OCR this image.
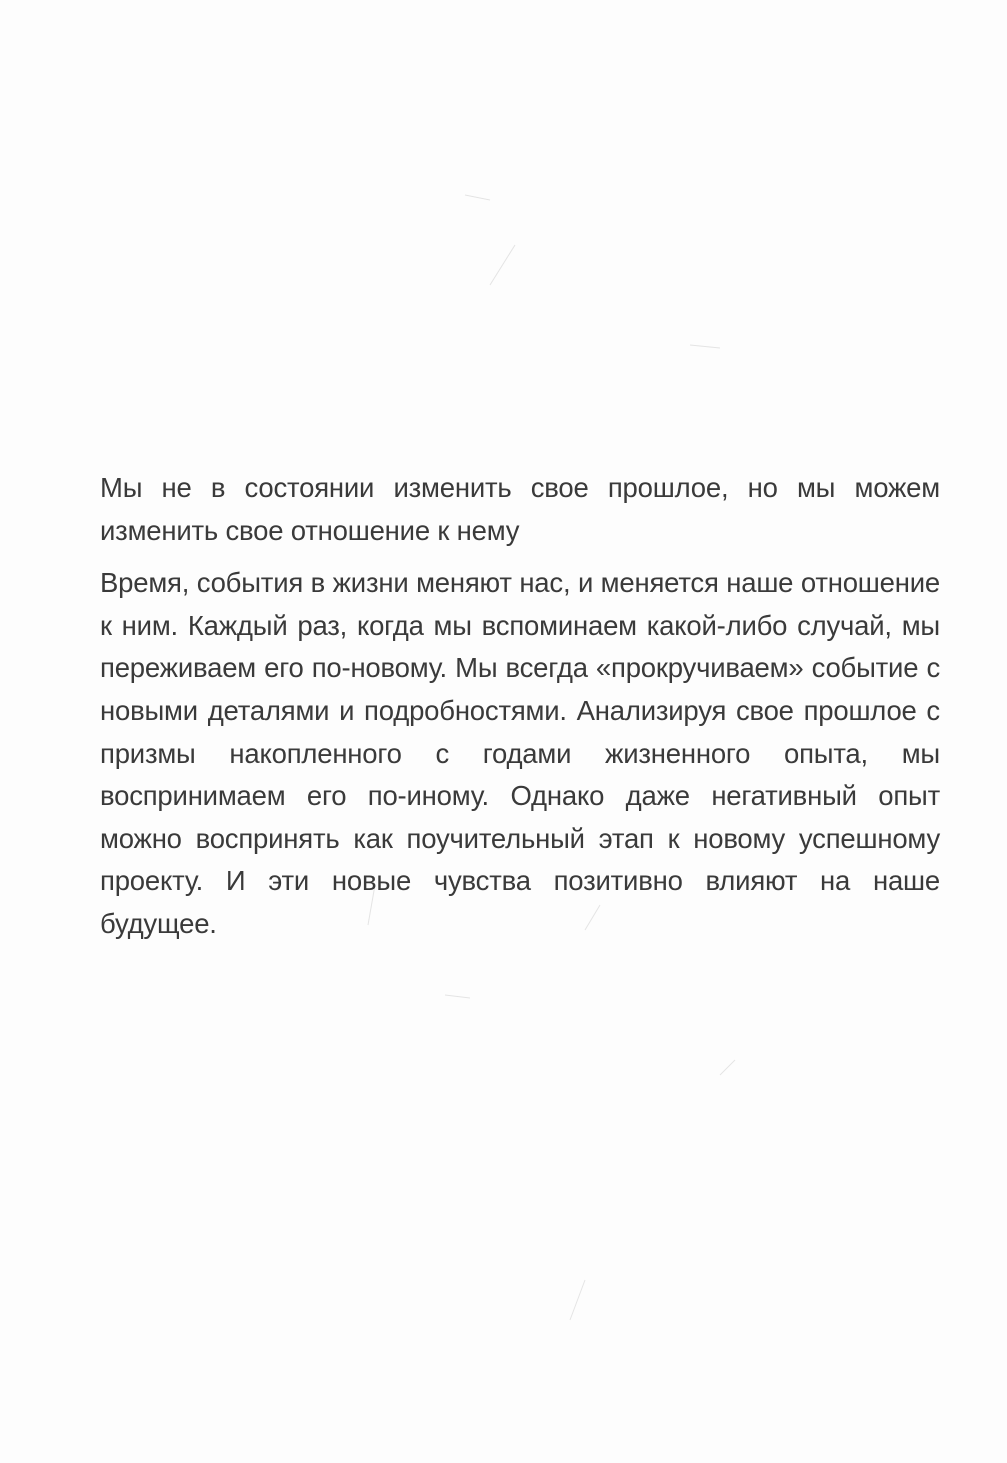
Мы не в состоянии изменить свое прошлое, но мы можем изменить свое отношение к нему

Время, события в жизни меняют нас, и меняется наше отношение к ним. Каждый раз, когда мы вспоминаем какой-либо случай, мы переживаем его по-новому. Мы всегда «прокручиваем» событие с новыми деталями и подробностями. Анализируя свое прошлое с призмы накопленного с годами жизненного опыта, мы воспринимаем его по-иному. Однако даже негативный опыт можно воспринять как поучительный этап к новому успешному проекту. И эти новые чувства позитивно влияют на наше будущее.
